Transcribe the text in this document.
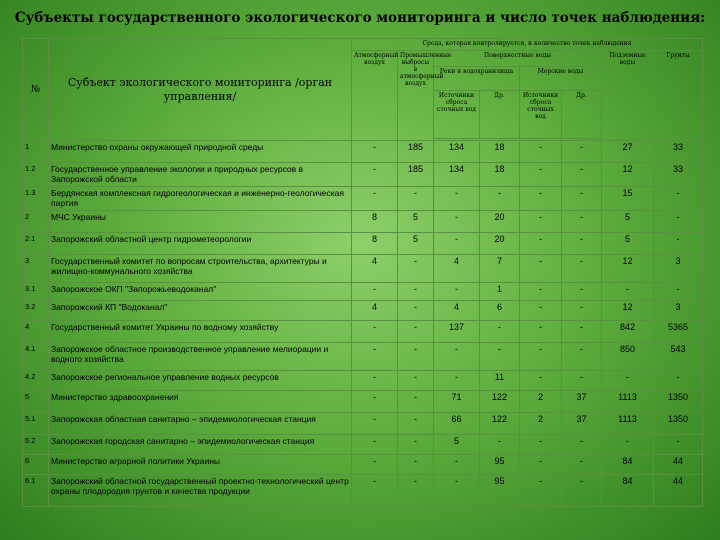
Субъекты государственного экологического мониторинга и число точек наблюдения:
№	Субъект экологического мониторинга /орган управления/	Среда, которая контролируется, и количество точек наблюдения							
		Атмосферный воздух	Промышленные выбросы в атмосферный воздух	Поверхностные воды				Подземные воды	Грунты
				Реки и водохранилища		Морские воды			
				Источники сброса сточных вод	Др.	Источники сброса сточных вод	Др.		

1	Министерство охраны окружающей природной среды	-	185	134	18	-	-	27	33
1.2	Государственное управление экологии и природных ресурсов в Запорожской области	-	185	134	18	-	-	12	33
1.3	Бердянская комплексная гидрогеологическая и инженерно-геологическая партия	-	-	-	-	-	-	15	-
2	МЧС Украины	8	5	-	20	-	-	5	-
2.1	Запорожский областной центр гидрометеорологии	8	5	-	20	-	-	5	-
3	Государственный комитет по вопросам строительства, архитектуры и жилищно-коммунального хозяйства	4	-	4	7	-	-	12	3
3.1	Запорожское ОКП "Запорожьеводоканал"	-	-	-	1	-	-	-	-
3.2	Запорожский КП "Водоканал"	4	-	4	6	-	-	12	3
4	Государственный комитет Украины по водному хозяйству	-	-	137	-	-	-	842	5365
4.1	Запорожское областное производственное управление мелиорации и водного хозяйства	-	-	-	-	-	-	850	543
4.2	Запорожское региональное управление водных ресурсов	-	-	-	11	-	-	-	-
5	Министерство здравоохранения	-	-	71	122	2	37	1113	1350
5.1	Запорожская областная санитарно – эпидемиологическая станция	-	-	66	122	2	37	1113	1350
5.2	Запорожская городская санитарно – эпидемиологическая станция	-	-	5	-	-	-	-	-
6	Министерство аграрной политики Украины	-	-	-	95	-	-	84	44
6.1	Запорожский областной государственный проектно-технологический центр охраны плодородия грунтов и качества продукции	-	-	-	95	-	-	84	44
